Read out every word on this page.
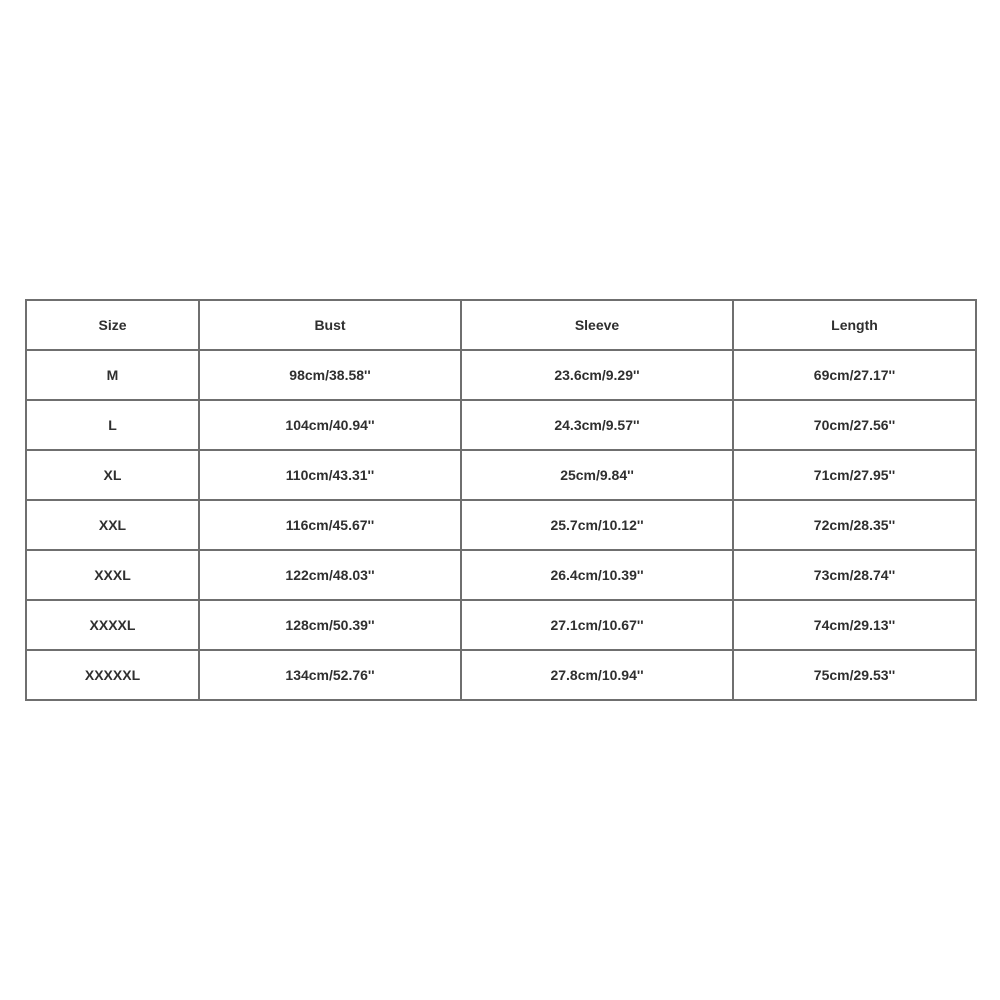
Size	Bust	Sleeve	Length
M	98cm/38.58''	23.6cm/9.29''	69cm/27.17''
L	104cm/40.94''	24.3cm/9.57''	70cm/27.56''
XL	110cm/43.31''	25cm/9.84''	71cm/27.95''
XXL	116cm/45.67''	25.7cm/10.12''	72cm/28.35''
XXXL	122cm/48.03''	26.4cm/10.39''	73cm/28.74''
XXXXL	128cm/50.39''	27.1cm/10.67''	74cm/29.13''
XXXXXL	134cm/52.76''	27.8cm/10.94''	75cm/29.53''
